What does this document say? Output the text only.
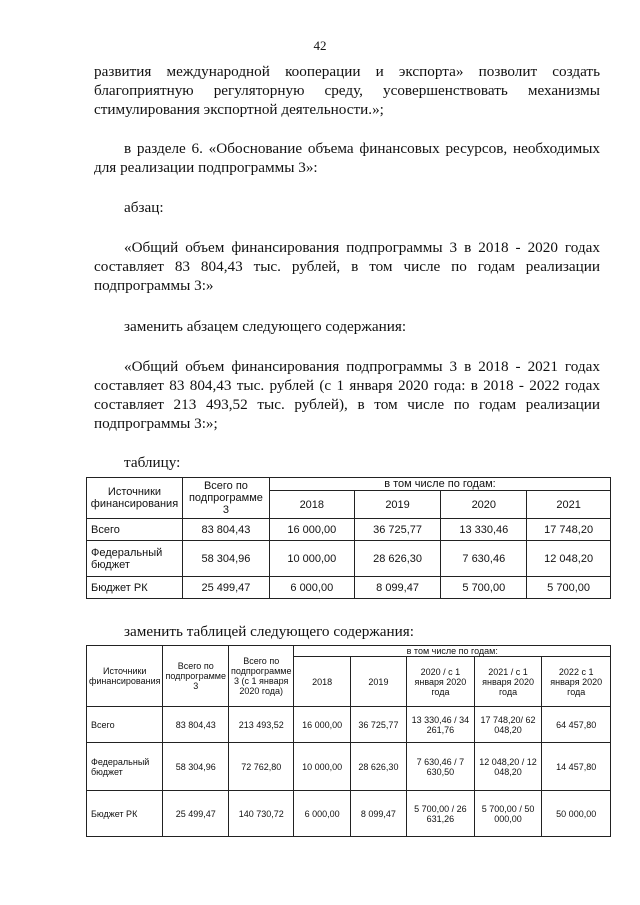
42
развития международной кооперации и экспорта» позволит создать
благоприятную регуляторную среду, усовершенствовать механизмы
стимулирования экспортной деятельности.»;
в разделе 6. «Обоснование объема финансовых ресурсов, необходимых
для реализации подпрограммы 3»:
абзац:
«Общий объем финансирования подпрограммы 3 в 2018 - 2020 годах
составляет 83 804,43 тыс. рублей, в том числе по годам реализации
подпрограммы 3:»
заменить абзацем следующего содержания:
«Общий объем финансирования подпрограммы 3 в 2018 - 2021 годах
составляет 83 804,43 тыс. рублей (с 1 января 2020 года: в 2018 - 2022 годах
составляет 213 493,52 тыс. рублей), в том числе по годам реализации
подпрограммы 3:»;
таблицу:
Источники финансирования	Всего по подпрограмме 3	в том числе по годам:			
		2018	2019	2020	2021
Всего	83 804,43	16 000,00	36 725,77	13 330,46	17 748,20
Федеральный бюджет	58 304,96	10 000,00	28 626,30	7 630,46	12 048,20
Бюджет РК	25 499,47	6 000,00	8 099,47	5 700,00	5 700,00
заменить таблицей следующего содержания:
Источники финансирования	Всего по подпрограмме 3	Всего по подпрограмме 3 (с 1 января 2020 года)	в том числе по годам:				
			2018	2019	2020 / с 1 января 2020 года	2021 / с 1 января 2020 года	2022 с 1 января 2020 года
Всего	83 804,43	213 493,52	16 000,00	36 725,77	13 330,46 / 34 261,76	17 748,20/ 62 048,20	64 457,80
Федеральный бюджет	58 304,96	72 762,80	10 000,00	28 626,30	7 630,46 / 7 630,50	12 048,20 / 12 048,20	14 457,80
Бюджет РК	25 499,47	140 730,72	6 000,00	8 099,47	5 700,00 / 26 631,26	5 700,00 / 50 000,00	50 000,00
